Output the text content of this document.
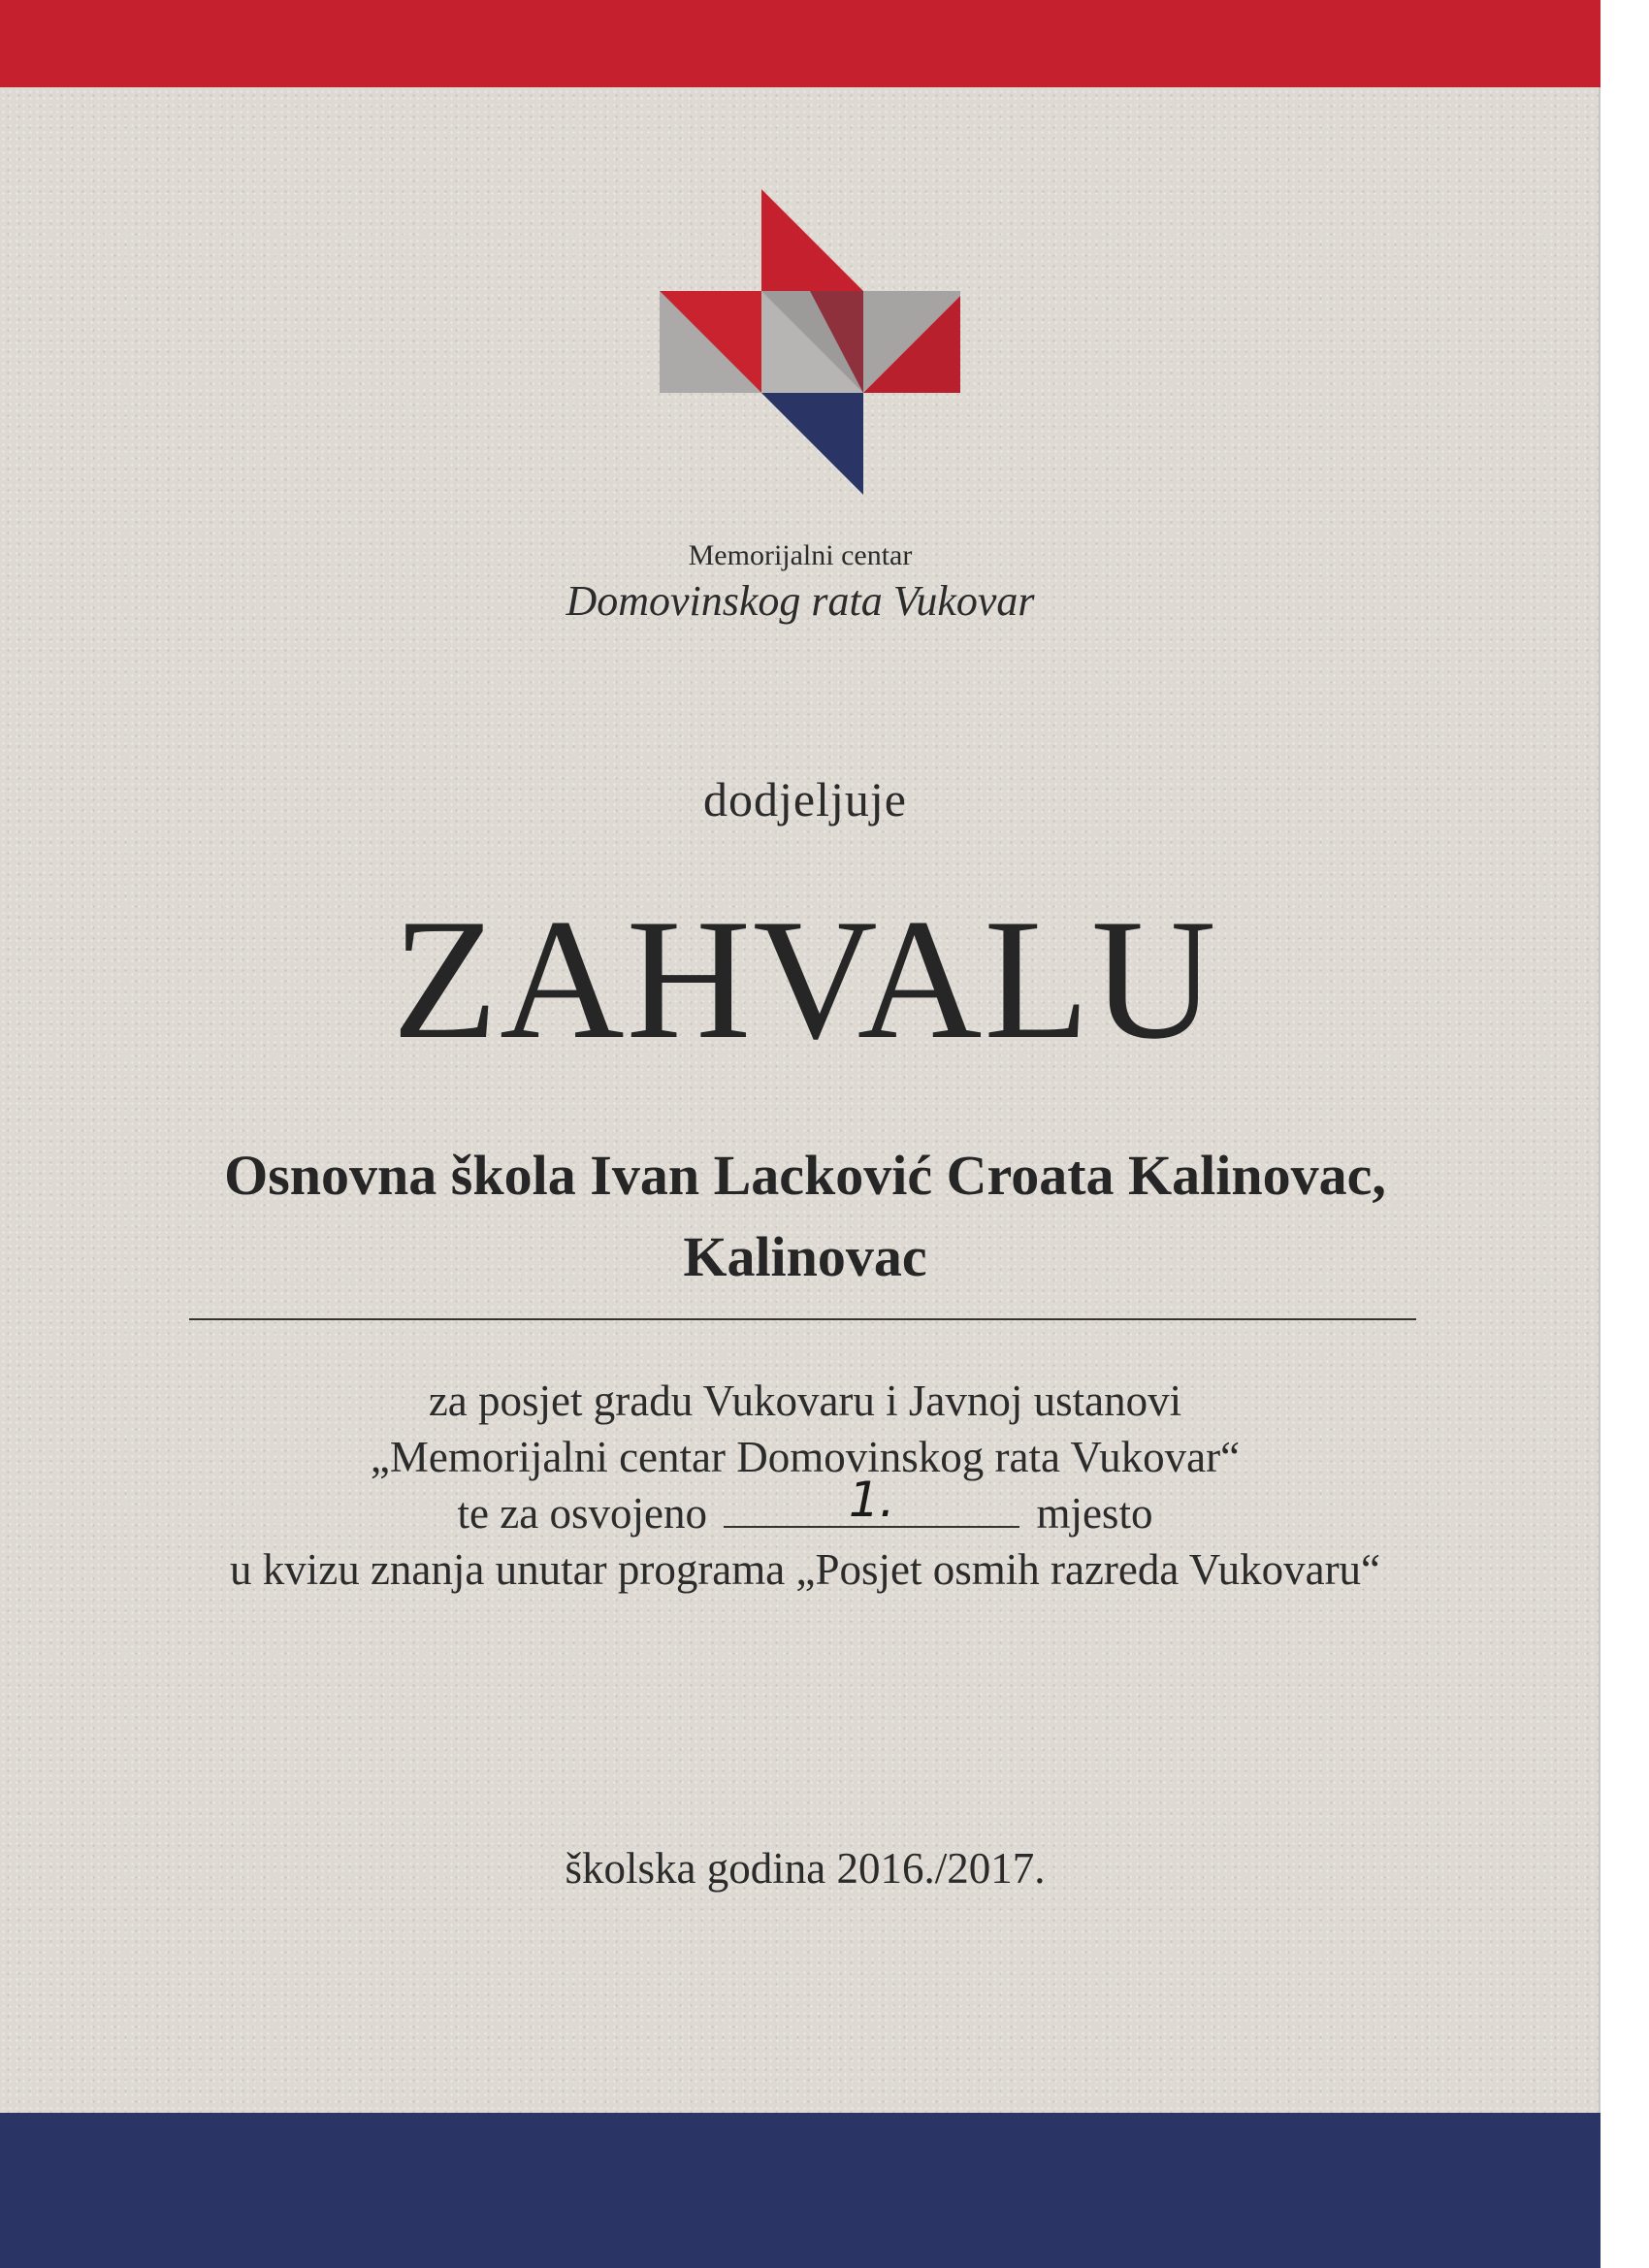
Memorijalni centar
Domovinskog rata Vukovar
dodjeljuje
ZAHVALU
Osnovna škola Ivan Lacković Croata Kalinovac,
Kalinovac
za posjet gradu Vukovaru i Javnoj ustanovi
„Memorijalni centar Domovinskog rata Vukovar“
te za osvojeno	1.	mjesto
u kvizu znanja unutar programa „Posjet osmih razreda Vukovaru“
školska godina 2016./2017.
